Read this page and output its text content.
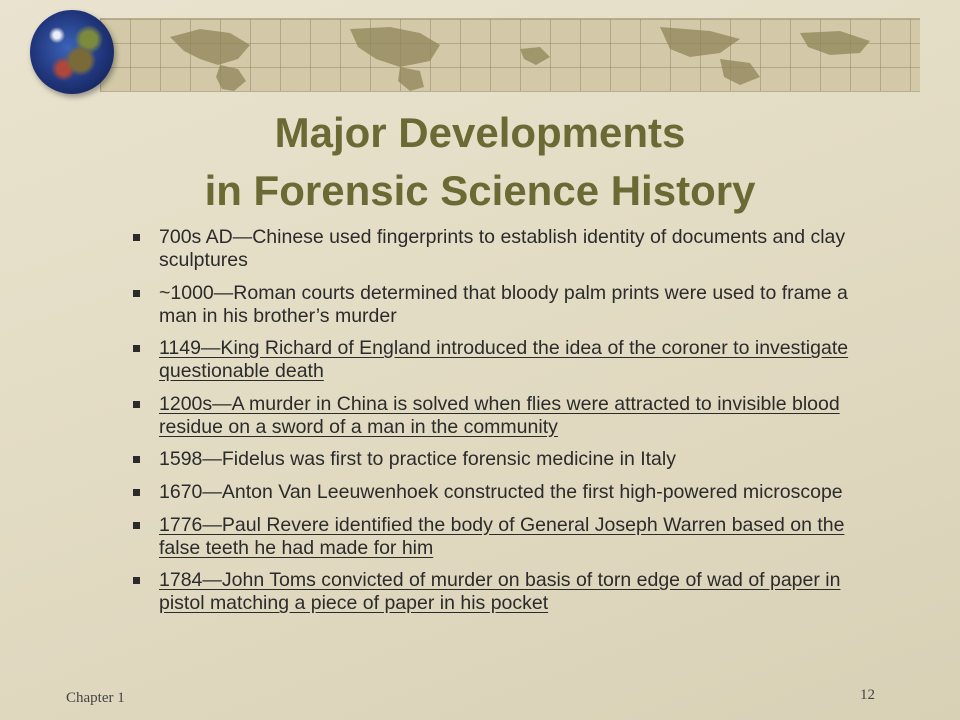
Major Developments
in Forensic Science History
700s AD—Chinese used fingerprints to establish identity of documents and clay sculptures
~1000—Roman courts determined that bloody palm prints were used to frame a man in his brother’s murder
1149—King Richard of England introduced the idea of the coroner to investigate questionable death
1200s—A murder in China is solved when flies were attracted to invisible blood residue on a sword of a man in the community
1598—Fidelus was first to practice forensic medicine in Italy
1670—Anton Van Leeuwenhoek constructed the first high-powered microscope
1776—Paul Revere identified the body of General Joseph Warren based on the false teeth he had made for him
1784—John Toms convicted of murder on basis of torn edge of wad of paper in pistol matching a piece of paper in his pocket
Chapter 1	12
